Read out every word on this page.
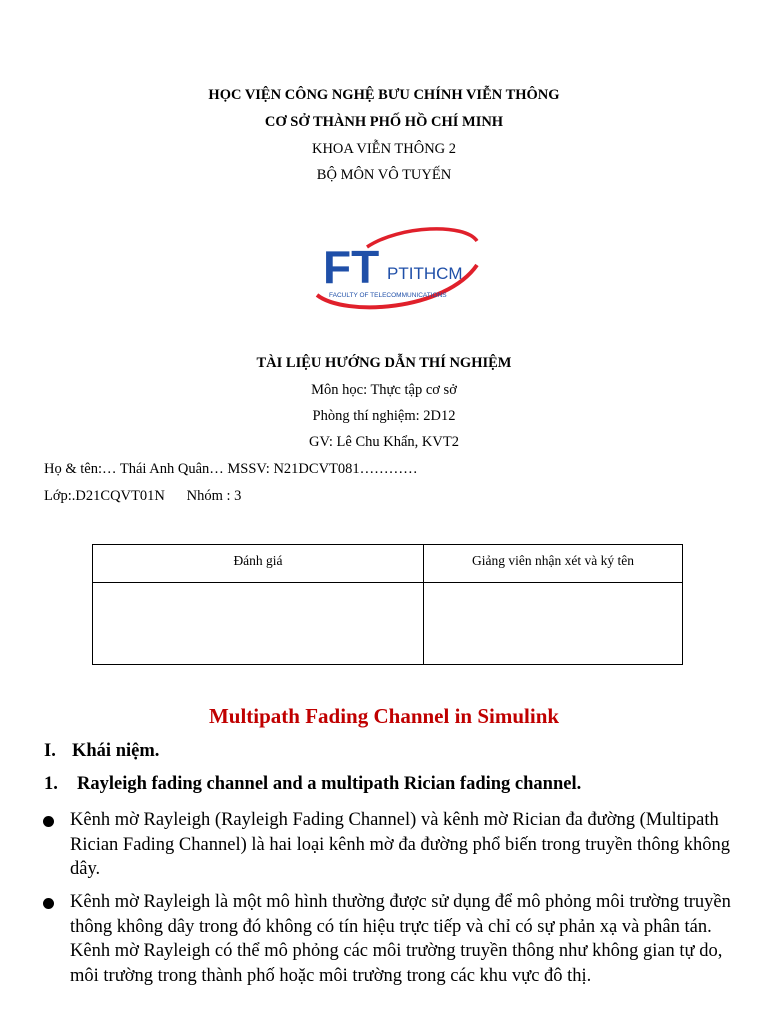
HỌC VIỆN CÔNG NGHỆ BƯU CHÍNH VIỄN THÔNG
CƠ SỞ THÀNH PHỐ HỒ CHÍ MINH
KHOA VIỄN THÔNG 2
BỘ MÔN VÔ TUYẾN
FT PTITHCM
FACULTY OF TELECOMMUNICATIONS
TÀI LIỆU HƯỚNG DẪN THÍ NGHIỆM
Môn học: Thực tập cơ sở
Phòng thí nghiệm: 2D12
GV: Lê Chu Khẩn, KVT2
Họ & tên:… Thái Anh Quân… MSSV: N21DCVT081…………
Lớp:.D21CQVT01N      Nhóm : 3
Đánh giá	Giảng viên nhận xét và ký tên

Multipath Fading Channel in Simulink
I. Khái niệm.
1. Rayleigh fading channel and a multipath Rician fading channel.
Kênh mờ Rayleigh (Rayleigh Fading Channel) và kênh mờ Rician đa đường (Multipath Rician Fading Channel) là hai loại kênh mờ đa đường phổ biến trong truyền thông không dây.
Kênh mờ Rayleigh là một mô hình thường được sử dụng để mô phỏng môi trường truyền thông không dây trong đó không có tín hiệu trực tiếp và chỉ có sự phản xạ và phân tán. Kênh mờ Rayleigh có thể mô phỏng các môi trường truyền thông như không gian tự do, môi trường trong thành phố hoặc môi trường trong các khu vực đô thị.
